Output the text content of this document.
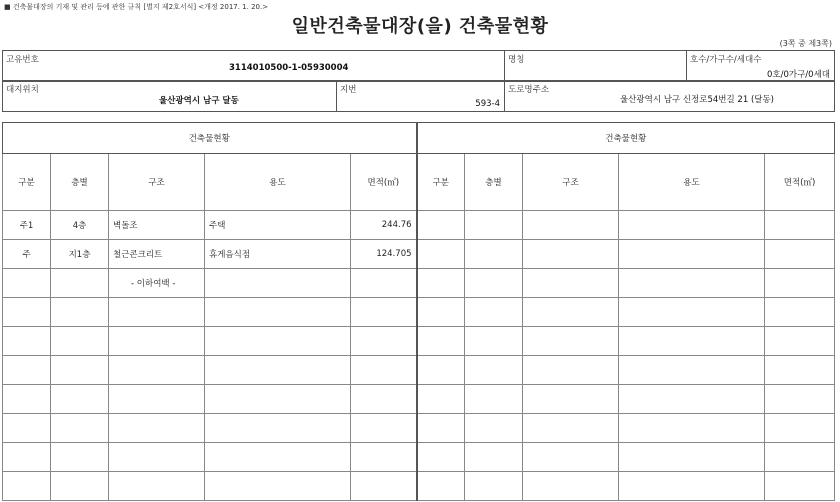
■ 건축물대장의 기재 및 관리 등에 관한 규칙 [별지 제2호서식] <개정 2017. 1. 20.>
일반건축물대장(을) 건축물현황
(3쪽 중 제3쪽)
고유번호
3114010500-1-05930004

명칭	호수/가구수/세대수
0호/0가구/0세대
대지위치
울산광역시 남구 달동

지번
593-4

도로명주소
울산광역시 남구 신정로54번길 21 (달동)
건축물현황					건축물현황				
구분	층별	구조	용도	면적(㎡)	구분	층별	구조	용도	면적(㎡)
주1	4층	벽돌조	주택	244.76					
주	지1층	철근콘크리트	휴게음식점	124.705					
		- 이하여백 -							
